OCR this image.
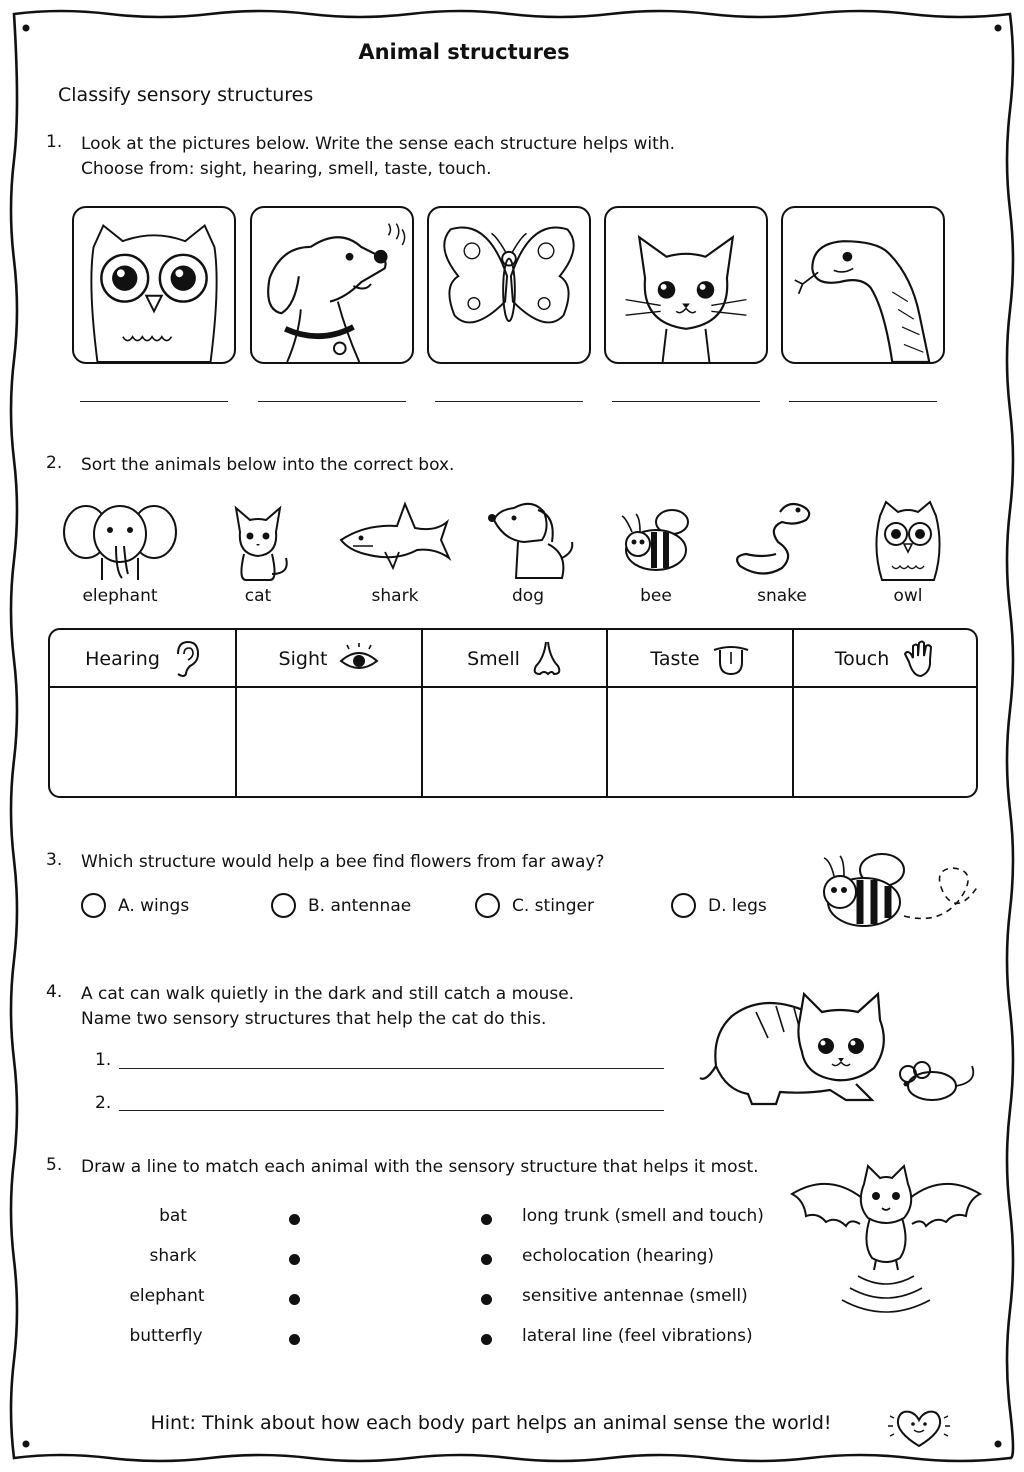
Animal structures
Classify sensory structures
1. Look at the pictures below. Write the sense each structure helps with.
Choose from: sight, hearing, smell, taste, touch.
2. Sort the animals below into the correct box.
elephant	cat	shark	dog	bee	snake	owl
Hearing	Sight	Smell	Taste	Touch
3. Which structure would help a bee find flowers from far away?
A. wings	B. antennae	C. stinger	D. legs
4. A cat can walk quietly in the dark and still catch a mouse.
Name two sensory structures that help the cat do this.
1.
2.
5. Draw a line to match each animal with the sensory structure that helps it most.
bat
shark
elephant
butterfly
long trunk (smell and touch)
echolocation (hearing)
sensitive antennae (smell)
lateral line (feel vibrations)
Hint: Think about how each body part helps an animal sense the world!
